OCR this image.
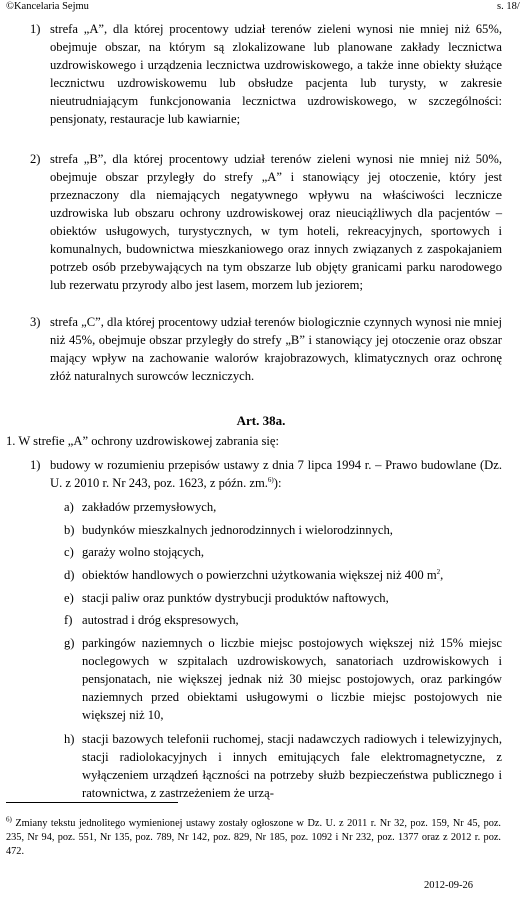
©Kancelaria Sejmu	s. 18/
1) strefa „A”, dla której procentowy udział terenów zieleni wynosi nie mniej niż 65%, obejmuje obszar, na którym są zlokalizowane lub planowane zakłady lecznictwa uzdrowiskowego i urządzenia lecznictwa uzdrowiskowego, a także inne obiekty służące lecznictwu uzdrowiskowemu lub obsłudze pacjenta lub turysty, w zakresie nieutrudniającym funkcjonowania lecznictwa uzdrowiskowego, w szczególności: pensjonaty, restauracje lub kawiarnie;
2) strefa „B”, dla której procentowy udział terenów zieleni wynosi nie mniej niż 50%, obejmuje obszar przyległy do strefy „A” i stanowiący jej otoczenie, który jest przeznaczony dla niemających negatywnego wpływu na właściwości lecznicze uzdrowiska lub obszaru ochrony uzdrowiskowej oraz nieuciążliwych dla pacjentów – obiektów usługowych, turystycznych, w tym hoteli, rekreacyjnych, sportowych i komunalnych, budownictwa mieszkaniowego oraz innych związanych z zaspokajaniem potrzeb osób przebywających na tym obszarze lub objęty granicami parku narodowego lub rezerwatu przyrody albo jest lasem, morzem lub jeziorem;
3) strefa „C”, dla której procentowy udział terenów biologicznie czynnych wynosi nie mniej niż 45%, obejmuje obszar przyległy do strefy „B” i stanowiący jej otoczenie oraz obszar mający wpływ na zachowanie walorów krajobrazowych, klimatycznych oraz ochronę złóż naturalnych surowców leczniczych.
Art. 38a.
1. W strefie „A” ochrony uzdrowiskowej zabrania się:
1) budowy w rozumieniu przepisów ustawy z dnia 7 lipca 1994 r. – Prawo budowlane (Dz. U. z 2010 r. Nr 243, poz. 1623, z późn. zm.$^{6)}$):
a) zakładów przemysłowych,
b) budynków mieszkalnych jednorodzinnych i wielorodzinnych,
c) garaży wolno stojących,
d) obiektów handlowych o powierzchni użytkowania większej niż 400 $m^2$,
e) stacji paliw oraz punktów dystrybucji produktów naftowych,
f) autostrad i dróg ekspresowych,
g) parkingów naziemnych o liczbie miejsc postojowych większej niż 15% miejsc noclegowych w szpitalach uzdrowiskowych, sanatoriach uzdrowiskowych i pensjonatach, nie większej jednak niż 30 miejsc postojowych, oraz parkingów naziemnych przed obiektami usługowymi o liczbie miejsc postojowych nie większej niż 10,
h) stacji bazowych telefonii ruchomej, stacji nadawczych radiowych i telewizyjnych, stacji radiolokacyjnych i innych emitujących fale elektromagnetyczne, z wyłączeniem urządzeń łączności na potrzeby służb bezpieczeństwa publicznego i ratownictwa, z zastrzeżeniem że urzą-
$^{6)}$ Zmiany tekstu jednolitego wymienionej ustawy zostały ogłoszone w Dz. U. z 2011 r. Nr 32, poz. 159, Nr 45, poz. 235, Nr 94, poz. 551, Nr 135, poz. 789, Nr 142, poz. 829, Nr 185, poz. 1092 i Nr 232, poz. 1377 oraz z 2012 r. poz. 472.
2012-09-26
